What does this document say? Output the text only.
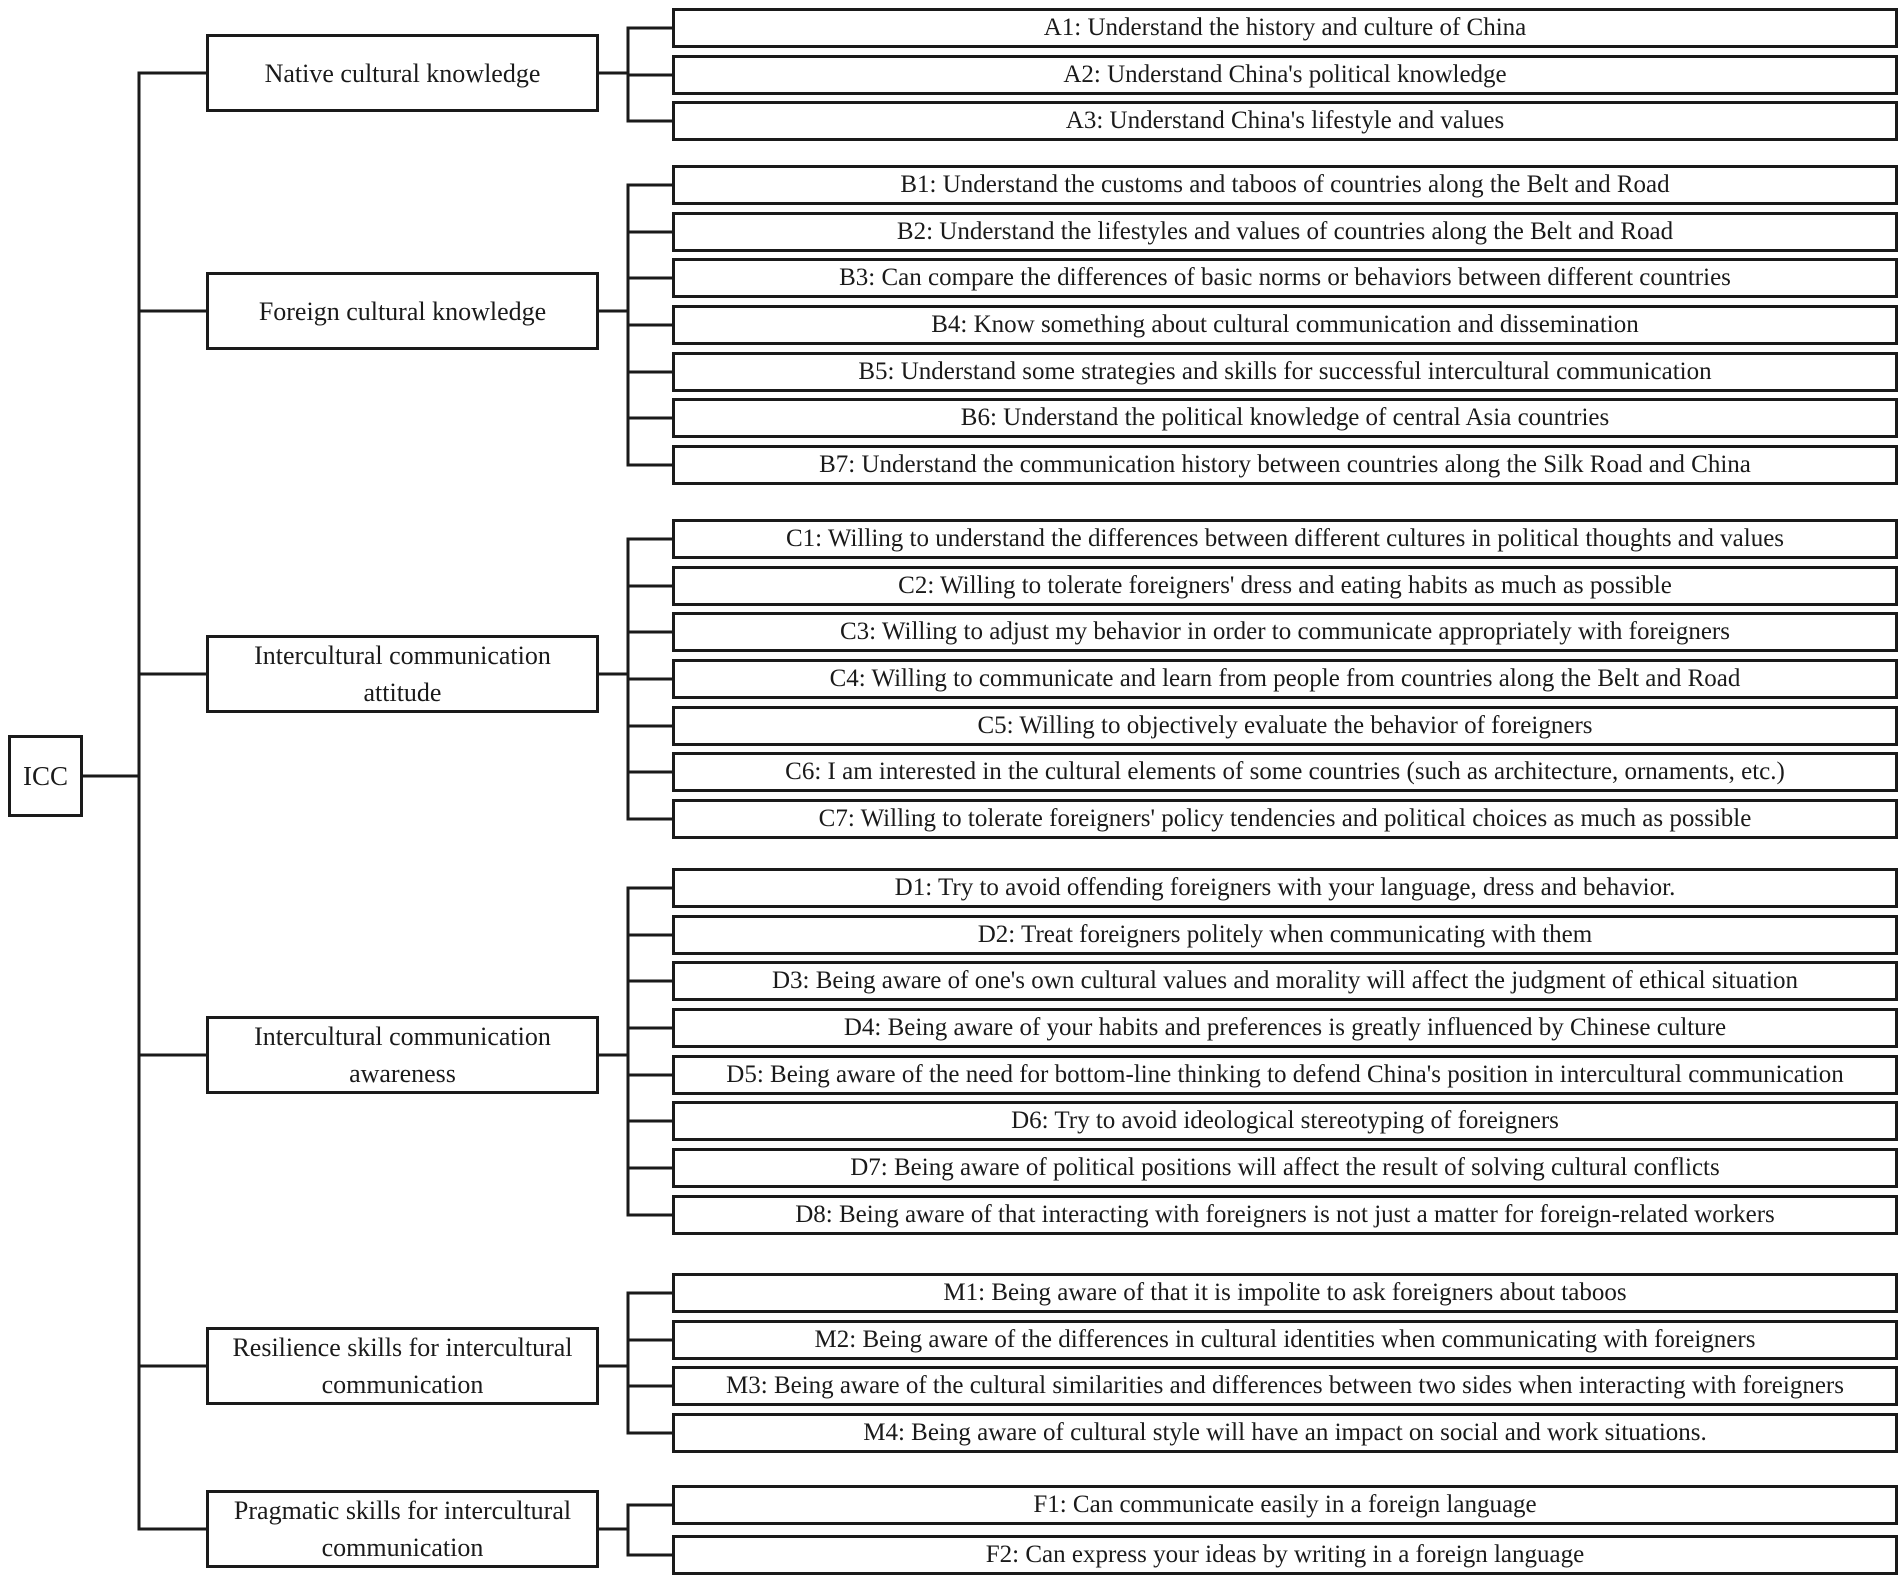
ICC
Native cultural knowledge
A1: Understand the history and culture of China
A2: Understand China's political knowledge
A3: Understand China's lifestyle and values
Foreign cultural knowledge
B1: Understand the customs and taboos of countries along the Belt and Road
B2: Understand the lifestyles and values of countries along the Belt and Road
B3: Can compare the differences of basic norms or behaviors between different countries
B4: Know something about cultural communication and dissemination
B5: Understand some strategies and skills for successful intercultural communication
B6: Understand the political knowledge of central Asia countries
B7: Understand the communication history between countries along the Silk Road and China
Intercultural communication attitude
C1: Willing to understand the differences between different cultures in political thoughts and values
C2: Willing to tolerate foreigners' dress and eating habits as much as possible
C3: Willing to adjust my behavior in order to communicate appropriately with foreigners
C4: Willing to communicate and learn from people from countries along the Belt and Road
C5: Willing to objectively evaluate the behavior of foreigners
C6: I am interested in the cultural elements of some countries (such as architecture, ornaments, etc.)
C7: Willing to tolerate foreigners' policy tendencies and political choices as much as possible
Intercultural communication awareness
D1: Try to avoid offending foreigners with your language, dress and behavior.
D2: Treat foreigners politely when communicating with them
D3: Being aware of one's own cultural values and morality will affect the judgment of ethical situation
D4: Being aware of your habits and preferences is greatly influenced by Chinese culture
D5: Being aware of the need for bottom-line thinking to defend China's position in intercultural communication
D6: Try to avoid ideological stereotyping of foreigners
D7: Being aware of political positions will affect the result of solving cultural conflicts
D8: Being aware of that interacting with foreigners is not just a matter for foreign-related workers
Resilience skills for intercultural communication
M1: Being aware of that it is impolite to ask foreigners about taboos
M2: Being aware of the differences in cultural identities when communicating with foreigners
M3: Being aware of the cultural similarities and differences between two sides when interacting with foreigners
M4: Being aware of cultural style will have an impact on social and work situations.
Pragmatic skills for intercultural communication
F1: Can communicate easily in a foreign language
F2: Can express your ideas by writing in a foreign language
